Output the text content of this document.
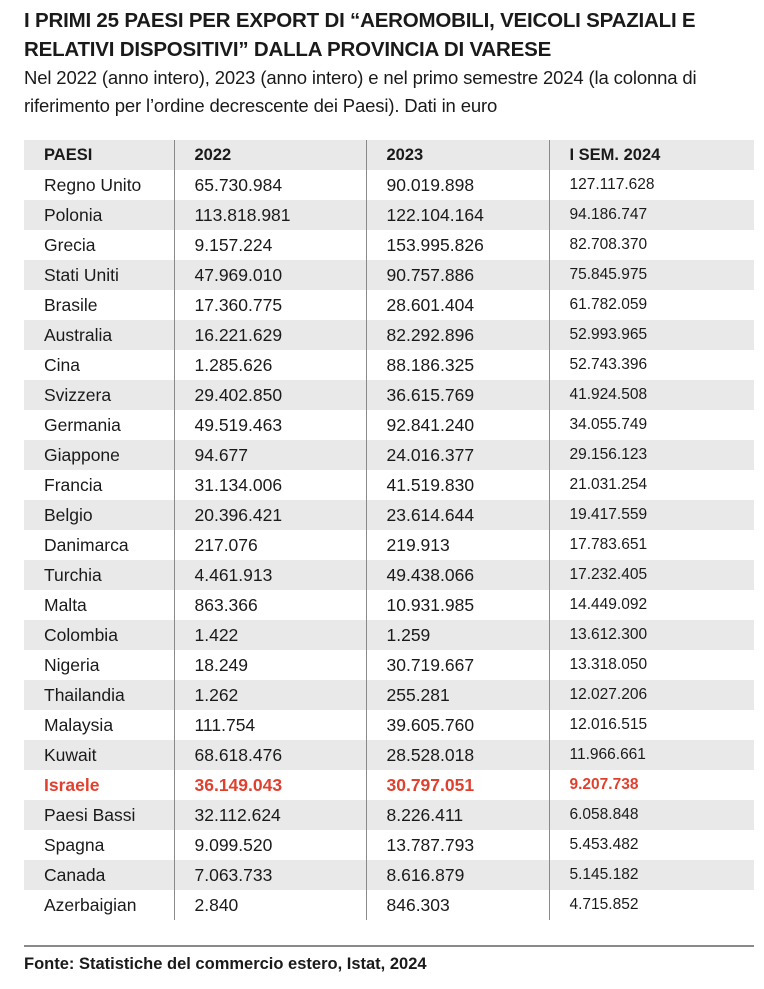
I PRIMI 25 PAESI PER EXPORT DI “AEROMOBILI, VEICOLI SPAZIALI E RELATIVI DISPOSITIVI” DALLA PROVINCIA DI VARESE

Nel 2022 (anno intero), 2023 (anno intero) e nel primo semestre 2024 (la colonna di riferimento per l’ordine decrescente dei Paesi). Dati in euro

PAESI	2022	2023	I SEM. 2024
Regno Unito	65.730.984	90.019.898	127.117.628
Polonia	113.818.981	122.104.164	94.186.747
Grecia	9.157.224	153.995.826	82.708.370
Stati Uniti	47.969.010	90.757.886	75.845.975
Brasile	17.360.775	28.601.404	61.782.059
Australia	16.221.629	82.292.896	52.993.965
Cina	1.285.626	88.186.325	52.743.396
Svizzera	29.402.850	36.615.769	41.924.508
Germania	49.519.463	92.841.240	34.055.749
Giappone	94.677	24.016.377	29.156.123
Francia	31.134.006	41.519.830	21.031.254
Belgio	20.396.421	23.614.644	19.417.559
Danimarca	217.076	219.913	17.783.651
Turchia	4.461.913	49.438.066	17.232.405
Malta	863.366	10.931.985	14.449.092
Colombia	1.422	1.259	13.612.300
Nigeria	18.249	30.719.667	13.318.050
Thailandia	1.262	255.281	12.027.206
Malaysia	111.754	39.605.760	12.016.515
Kuwait	68.618.476	28.528.018	11.966.661
Israele	36.149.043	30.797.051	9.207.738
Paesi Bassi	32.112.624	8.226.411	6.058.848
Spagna	9.099.520	13.787.793	5.453.482
Canada	7.063.733	8.616.879	5.145.182
Azerbaigian	2.840	846.303	4.715.852

Fonte: Statistiche del commercio estero, Istat, 2024
